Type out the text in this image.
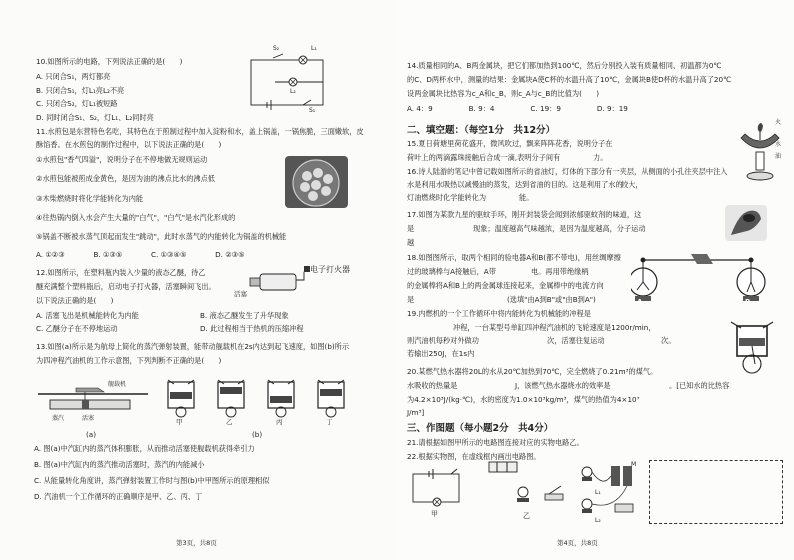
10.如图所示的电路，下列说法正确的是(　　)
A. 只闭合S₁，两灯都亮
B. 只闭合S₁，灯L₁亮L₂不亮
C. 只闭合S₂，灯L₁被短路
D. 同时闭合S₁、S₂，灯L₁、L₂同时亮
S₂	L₁
L₂
S₁
11.水煎包是东营特色名吃，其特色在于煎制过程中加入淀粉和水，盖上锅盖，一锅焦脆，三面嫩软，皮
酥馅香。在水煎包的制作过程中，以下说法正确的是(　　)
①水煎包"香气四溢"，说明分子在不停地做无规则运动
②水煎包能被煎成金黄色，是因为油的沸点比水的沸点低
③木柴燃烧时将化学能转化为内能
④往热锅内倒入水会产生大量的"白气"，"白气"是水汽化形成的
⑤锅盖不断被水蒸气顶起而发生"跳动"，此时水蒸气的内能转化为锅盖的机械能
A. ①②③　　　　B. ①③⑤　　　　C. ①③④⑤　　　　D. ②③⑤
12.如图所示，在塑料瓶内装入少量的液态乙醚，待乙
醚充满整个塑料瓶后，启动电子打火器，活塞瞬间飞出。
以下说法正确的是(　　)
A. 活塞飞出是机械能转化为内能	B. 液态乙醚发生了升华现象
C. 乙醚分子在不停地运动	D. 此过程相当于热机的压缩冲程
电子打火器
活塞
13.如图(a)所示是为航母上简化的蒸汽弹射装置，能带动舰载机在2s内达到起飞速度，如图(b)所示
为四冲程汽油机的工作示意图，下列判断不正确的是(　　)
蒸汽	活塞
舰载机
(a)
甲	乙	丙	丁
(b)
A. 图(a)中汽缸内的蒸汽体积膨胀，从而推动活塞使舰载机获得牵引力
B. 图(a)中汽缸内的蒸汽推动活塞时，蒸汽的内能减小
C. 从能量转化角度讲，蒸汽弹射装置工作时与图(b)中甲图所示的原理相似
D. 汽油机一个工作循环的正确顺序是甲、乙、丙、丁
第3页，共8页
14.质量相同的A、B两金属块，把它们都加热到100℃，然后分别投入装有质量相同、初温都为0℃
的C、D两杯水中，测量的结果：金属块A使C杯的水温升高了10℃，金属块B使D杯的水温升高了20℃
设两金属块比热容为c_A和c_B，则c_A与c_B的比值为(　　)
A. 4：9　　　　　B. 9：4　　　　　C. 19：9　　　　　D. 9：19
二、填空题：（每空1分　共12分）
15.夏日荷塘里荷花盛开，微风吹过，飘来阵阵花香，说明分子在
荷叶上的两滴露珠接触后合成一滴,表明分子间有	力。
16.诗人陆游的笔记中曾记载如图所示的省油灯，灯体的下部分有一夹层，从侧面的小孔往夹层中注入
水是利用水吸热以减慢油的蒸发，达到省油的目的。这是利用了水的
较大，
灯油燃烧时化学能转化为	能。
火
水
油
17.如图为某款九星的驱蚊手环，刚开封装袋会闻到浓郁驱蚊剂的味道，这
是	现象；温度越高气味越浓，是因为温度越高，分子运动
越
18.如图图所示，取两个相同的验电器A和B(都不带电)，用丝绸摩擦
过的玻璃棒与A接触后，A带	电。再用带绝缘柄
的金属棒将A和B上的两金属球连接起来，金属棒中的电流方向
是	(选填"由A到B"或"由B到A")	A	B
19.内燃机的一个工作循环中将内能转化为机械能的冲程是
冲程，一台某型号单缸四冲程汽油机的飞轮速度是1200r/min，
则汽油机每秒对外做功	次，活塞往复运动	次。
若输出250J，在1s内
20.某燃气热水器将20L的水从20℃加热到70℃，完全燃烧了0.21m³的煤气。
水吸收的热量是	J，该燃气热水器烧水的效率是	。[已知水的比热容
为4.2×10³J/(kg·℃)，水的密度为1.0×10³kg/m³，煤气的热值为4×10⁷
J/m³]
三、作图题（每小题2分　共4分）
21.请根据如图甲所示的电路图连接对应的实物电路乙。
22.根据实物图，在虚线框内画出电路图。
甲	乙
L₁
L₂
M
第4页，共8页
